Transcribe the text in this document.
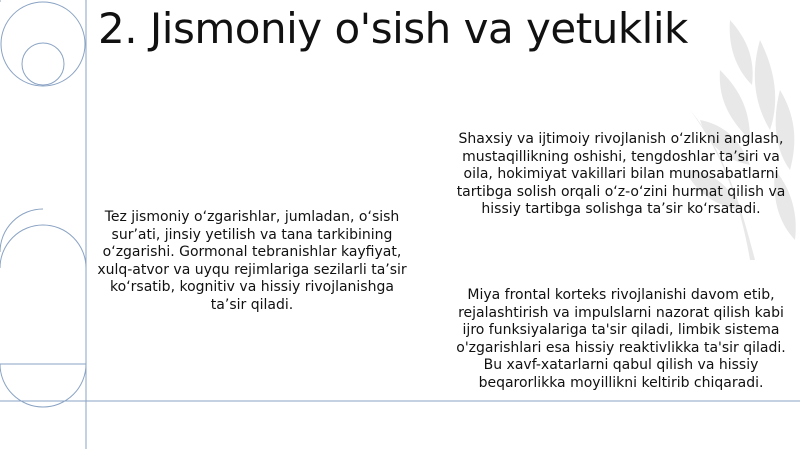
2. Jismoniy o'sish va yetuklik
Tez jismoniy o‘zgarishlar, jumladan, o‘sish sur’ati, jinsiy yetilish va tana tarkibining o‘zgarishi. Gormonal tebranishlar kayfiyat, xulq-atvor va uyqu rejimlariga sezilarli ta’sir ko‘rsatib, kognitiv va hissiy rivojlanishga ta’sir qiladi.
Shaxsiy va ijtimoiy rivojlanish o‘zlikni anglash, mustaqillikning oshishi, tengdoshlar ta’siri va oila, hokimiyat vakillari bilan munosabatlarni tartibga solish orqali o‘z-o‘zini hurmat qilish va hissiy tartibga solishga ta’sir ko‘rsatadi.
Miya frontal korteks rivojlanishi davom etib, rejalashtirish va impulslarni nazorat qilish kabi ijro funksiyalariga ta'sir qiladi, limbik sistema o'zgarishlari esa hissiy reaktivlikka ta'sir qiladi. Bu xavf-xatarlarni qabul qilish va hissiy beqarorlikka moyillikni keltirib chiqaradi.
